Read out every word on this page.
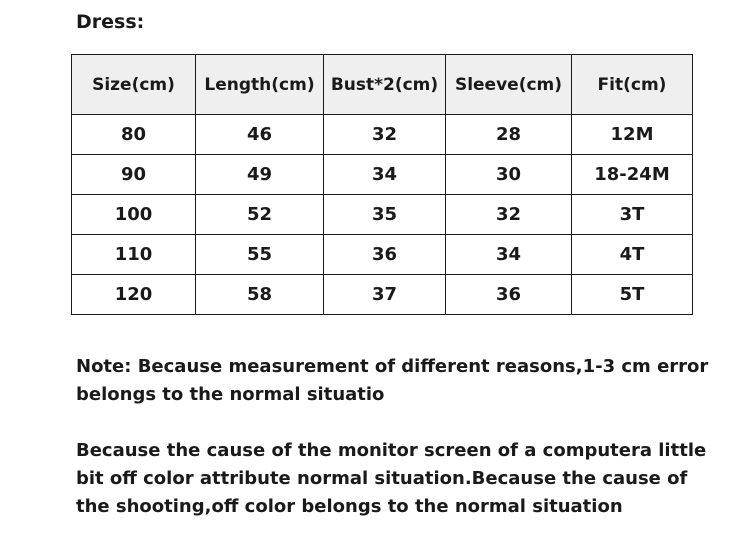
Dress:
Size(cm)	Length(cm)	Bust*2(cm)	Sleeve(cm)	Fit(cm)
80	46	32	28	12M
90	49	34	30	18-24M
100	52	35	32	3T
110	55	36	34	4T
120	58	37	36	5T
Note: Because measurement of different reasons,1-3 cm error belongs to the normal situatio
Because the cause of the monitor screen of a computera little bit off color attribute normal situation.Because the cause of the shooting,off color belongs to the normal situation
